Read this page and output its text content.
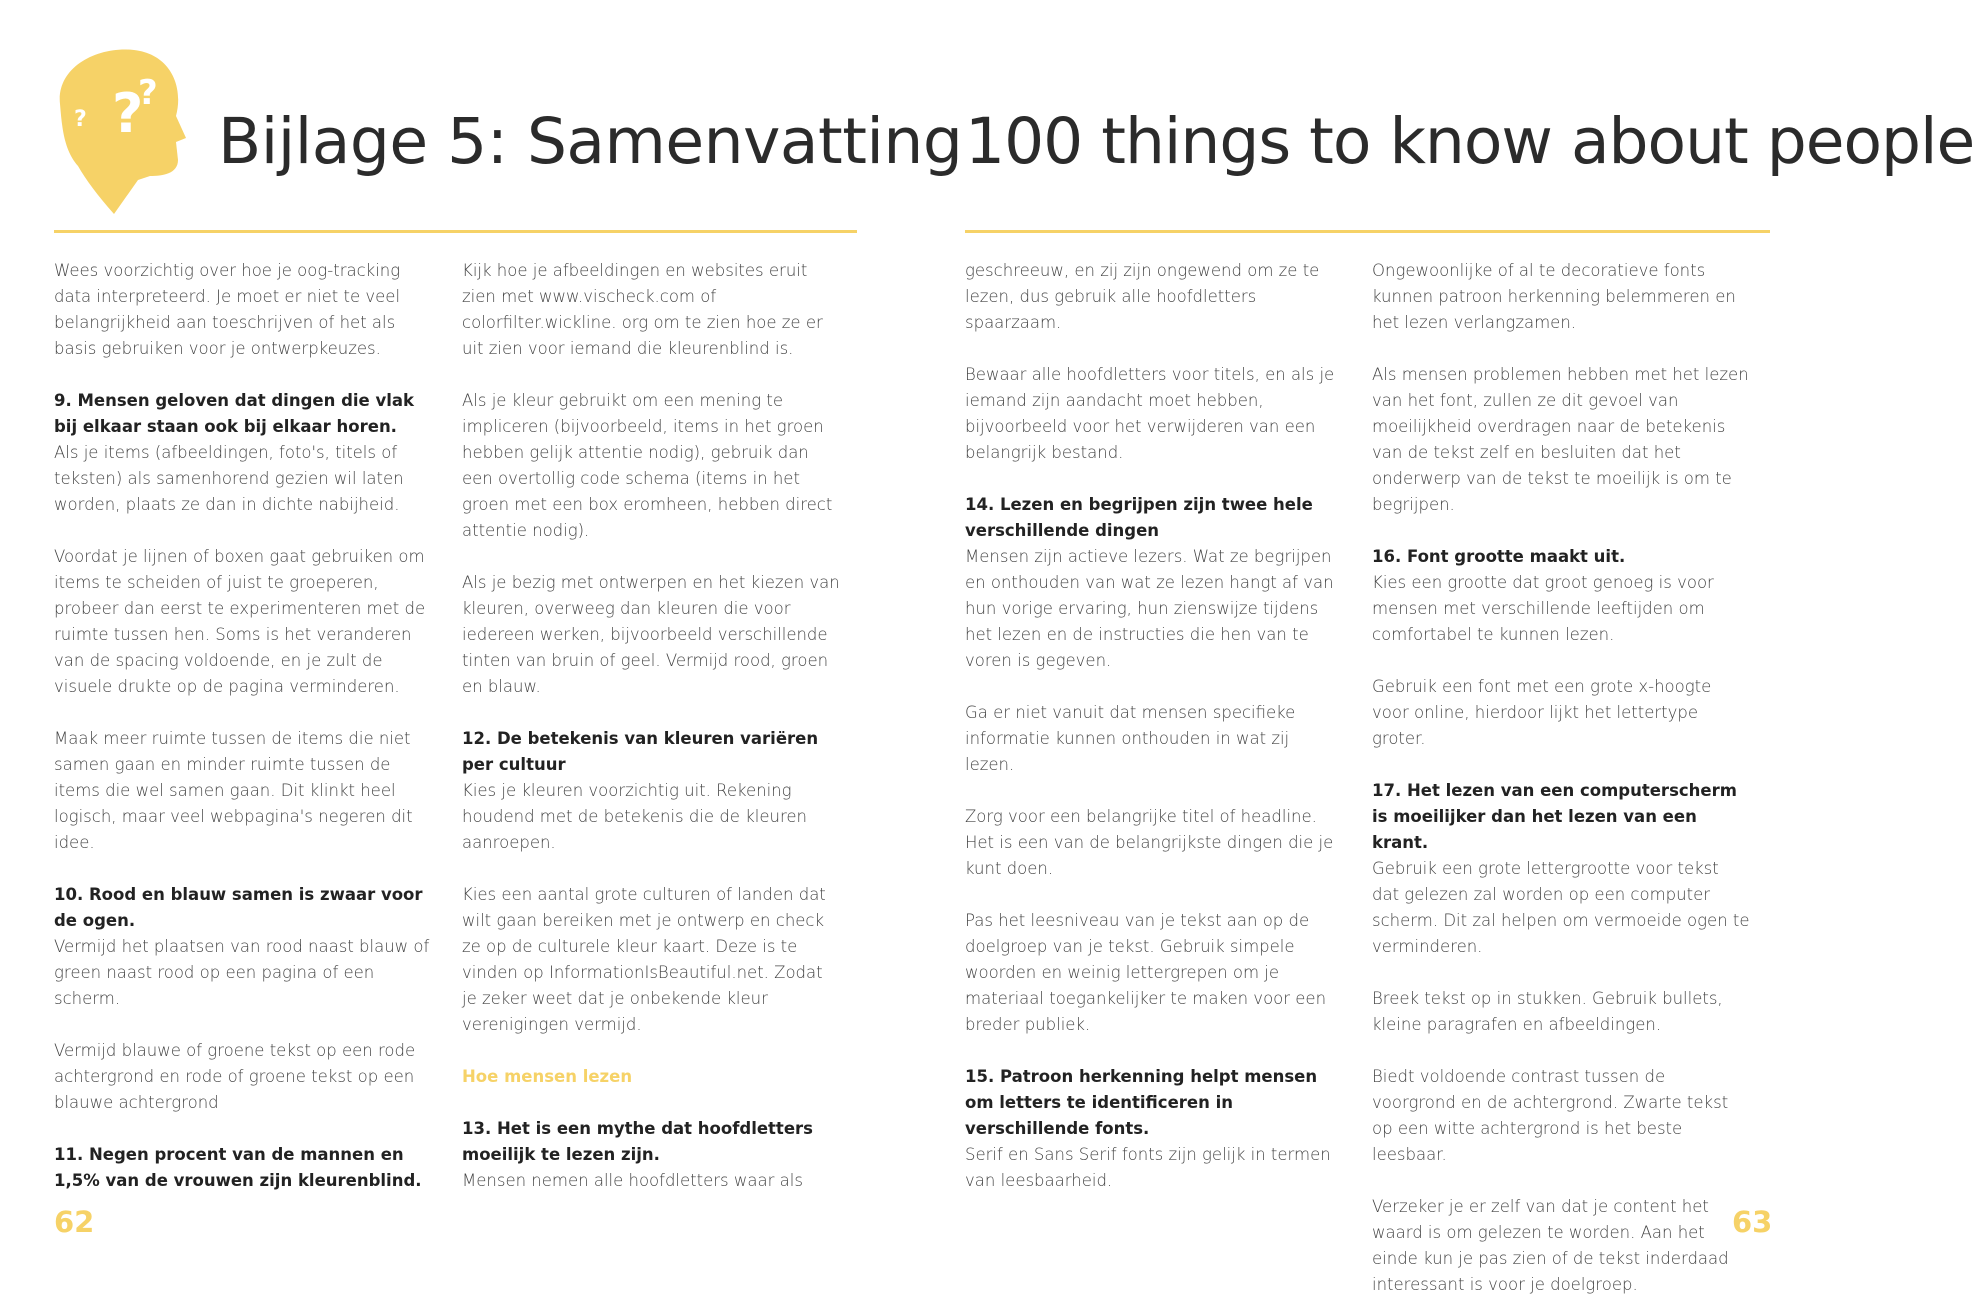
?
?
? Bijlage 5: Samenvatting 100 things to know about people

Wees voorzichtig over hoe je oog-tracking data interpreteerd. Je moet er niet te veel belangrijkheid aan toeschrijven of het als basis gebruiken voor je ontwerpkeuzes.

9. Mensen geloven dat dingen die vlak bij elkaar staan ook bij elkaar horen.

Als je items (afbeeldingen, foto's, titels of teksten) als samenhorend gezien wil laten worden, plaats ze dan in dichte nabijheid.

Voordat je lijnen of boxen gaat gebruiken om items te scheiden of juist te groeperen, probeer dan eerst te experimenteren met de ruimte tussen hen. Soms is het veranderen van de spacing voldoende, en je zult de visuele drukte op de pagina verminderen.

Maak meer ruimte tussen de items die niet samen gaan en minder ruimte tussen de items die wel samen gaan. Dit klinkt heel logisch, maar veel webpagina's negeren dit idee.

10. Rood en blauw samen is zwaar voor de ogen.

Vermijd het plaatsen van rood naast blauw of green naast rood op een pagina of een scherm.

Vermijd blauwe of groene tekst op een rode achtergrond en rode of groene tekst op een blauwe achtergrond

11. Negen procent van de mannen en 1,5% van de vrouwen zijn kleurenblind.

Kijk hoe je afbeeldingen en websites eruit zien met www.vischeck.com of colorfilter.wickline. org om te zien hoe ze er uit zien voor iemand die kleurenblind is.

Als je kleur gebruikt om een mening te impliceren (bijvoorbeeld, items in het groen hebben gelijk attentie nodig), gebruik dan een overtollig code schema (items in het groen met een box eromheen, hebben direct attentie nodig).

Als je bezig met ontwerpen en het kiezen van kleuren, overweeg dan kleuren die voor iedereen werken, bijvoorbeeld verschillende tinten van bruin of geel. Vermijd rood, groen en blauw.

12. De betekenis van kleuren variëren per cultuur

Kies je kleuren voorzichtig uit. Rekening houdend met de betekenis die de kleuren aanroepen.

Kies een aantal grote culturen of landen dat wilt gaan bereiken met je ontwerp en check ze op de culturele kleur kaart. Deze is te vinden op InformationIsBeautiful.net. Zodat je zeker weet dat je onbekende kleur verenigingen vermijd.

Hoe mensen lezen

13. Het is een mythe dat hoofdletters moeilijk te lezen zijn.

Mensen nemen alle hoofdletters waar als

geschreeuw, en zij zijn ongewend om ze te lezen, dus gebruik alle hoofdletters spaarzaam.

Bewaar alle hoofdletters voor titels, en als je iemand zijn aandacht moet hebben, bijvoorbeeld voor het verwijderen van een belangrijk bestand.

14. Lezen en begrijpen zijn twee hele verschillende dingen

Mensen zijn actieve lezers. Wat ze begrijpen en onthouden van wat ze lezen hangt af van hun vorige ervaring, hun zienswijze tijdens het lezen en de instructies die hen van te voren is gegeven.

Ga er niet vanuit dat mensen specifieke informatie kunnen onthouden in wat zij lezen.

Zorg voor een belangrijke titel of headline. Het is een van de belangrijkste dingen die je kunt doen.

Pas het leesniveau van je tekst aan op de doelgroep van je tekst. Gebruik simpele woorden en weinig lettergrepen om je materiaal toegankelijker te maken voor een breder publiek.

15. Patroon herkenning helpt mensen om letters te identificeren in verschillende fonts.

Serif en Sans Serif fonts zijn gelijk in termen van leesbaarheid.

Ongewoonlijke of al te decoratieve fonts kunnen patroon herkenning belemmeren en het lezen verlangzamen.

Als mensen problemen hebben met het lezen van het font, zullen ze dit gevoel van moeilijkheid overdragen naar de betekenis van de tekst zelf en besluiten dat het onderwerp van de tekst te moeilijk is om te begrijpen.

16. Font grootte maakt uit.

Kies een grootte dat groot genoeg is voor mensen met verschillende leeftijden om comfortabel te kunnen lezen.

Gebruik een font met een grote x-hoogte voor online, hierdoor lijkt het lettertype groter.

17. Het lezen van een computerscherm is moeilijker dan het lezen van een krant.

Gebruik een grote lettergrootte voor tekst dat gelezen zal worden op een computer scherm. Dit zal helpen om vermoeide ogen te verminderen.

Breek tekst op in stukken. Gebruik bullets, kleine paragrafen en afbeeldingen.

Biedt voldoende contrast tussen de voorgrond en de achtergrond. Zwarte tekst op een witte achtergrond is het beste leesbaar.

Verzeker je er zelf van dat je content het waard is om gelezen te worden. Aan het einde kun je pas zien of de tekst inderdaad interessant is voor je doelgroep.

62	63
